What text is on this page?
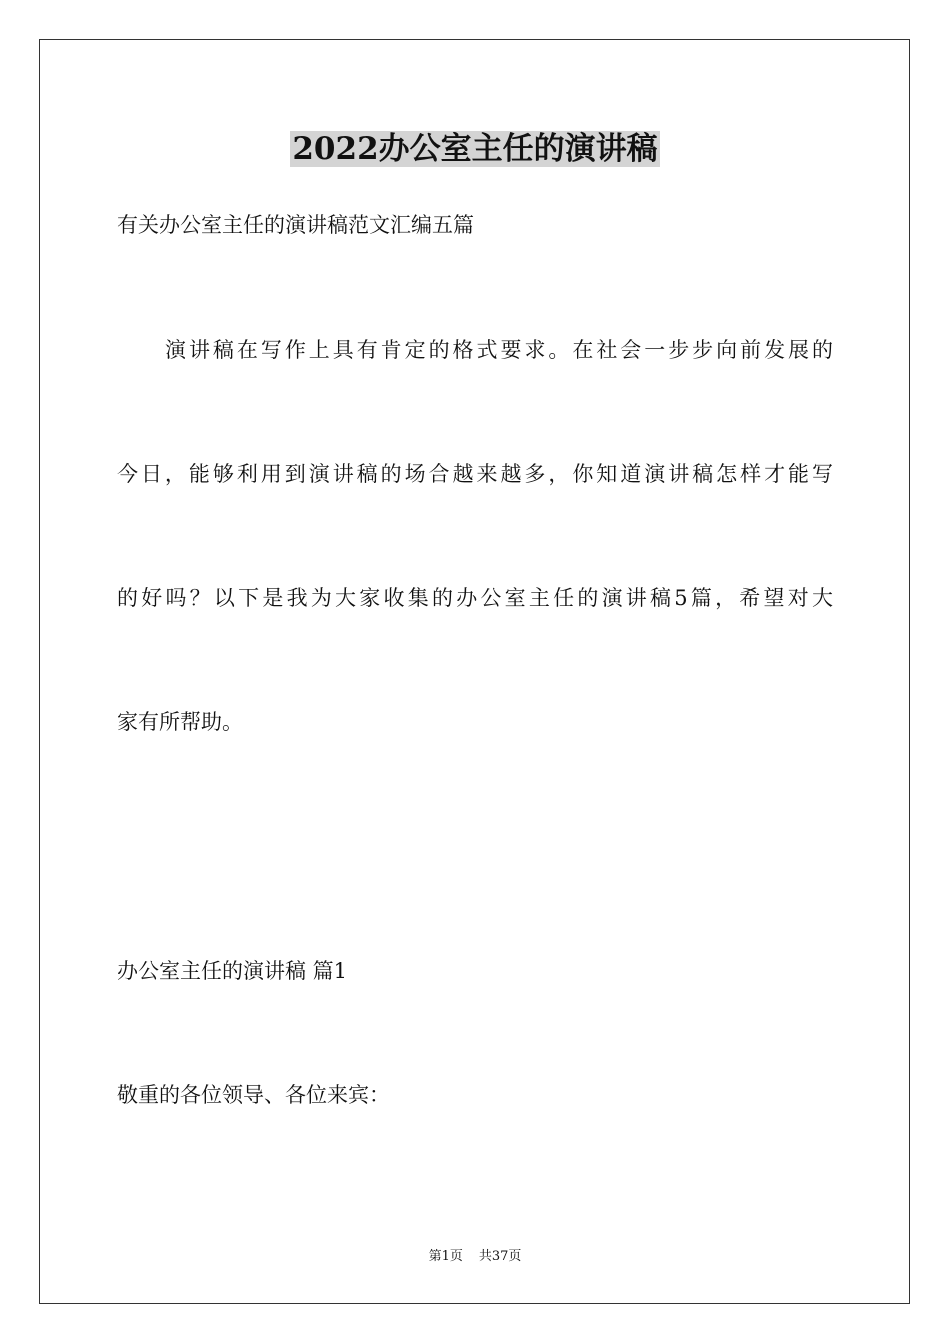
2022办公室主任的演讲稿
有关办公室主任的演讲稿范文汇编五篇
演讲稿在写作上具有肯定的格式要求。在社会一步步向前发展的
今日，能够利用到演讲稿的场合越来越多，你知道演讲稿怎样才能写
的好吗？以下是我为大家收集的办公室主任的演讲稿5篇，希望对大
家有所帮助。
办公室主任的演讲稿 篇1
敬重的各位领导、各位来宾：
第1页 共37页
